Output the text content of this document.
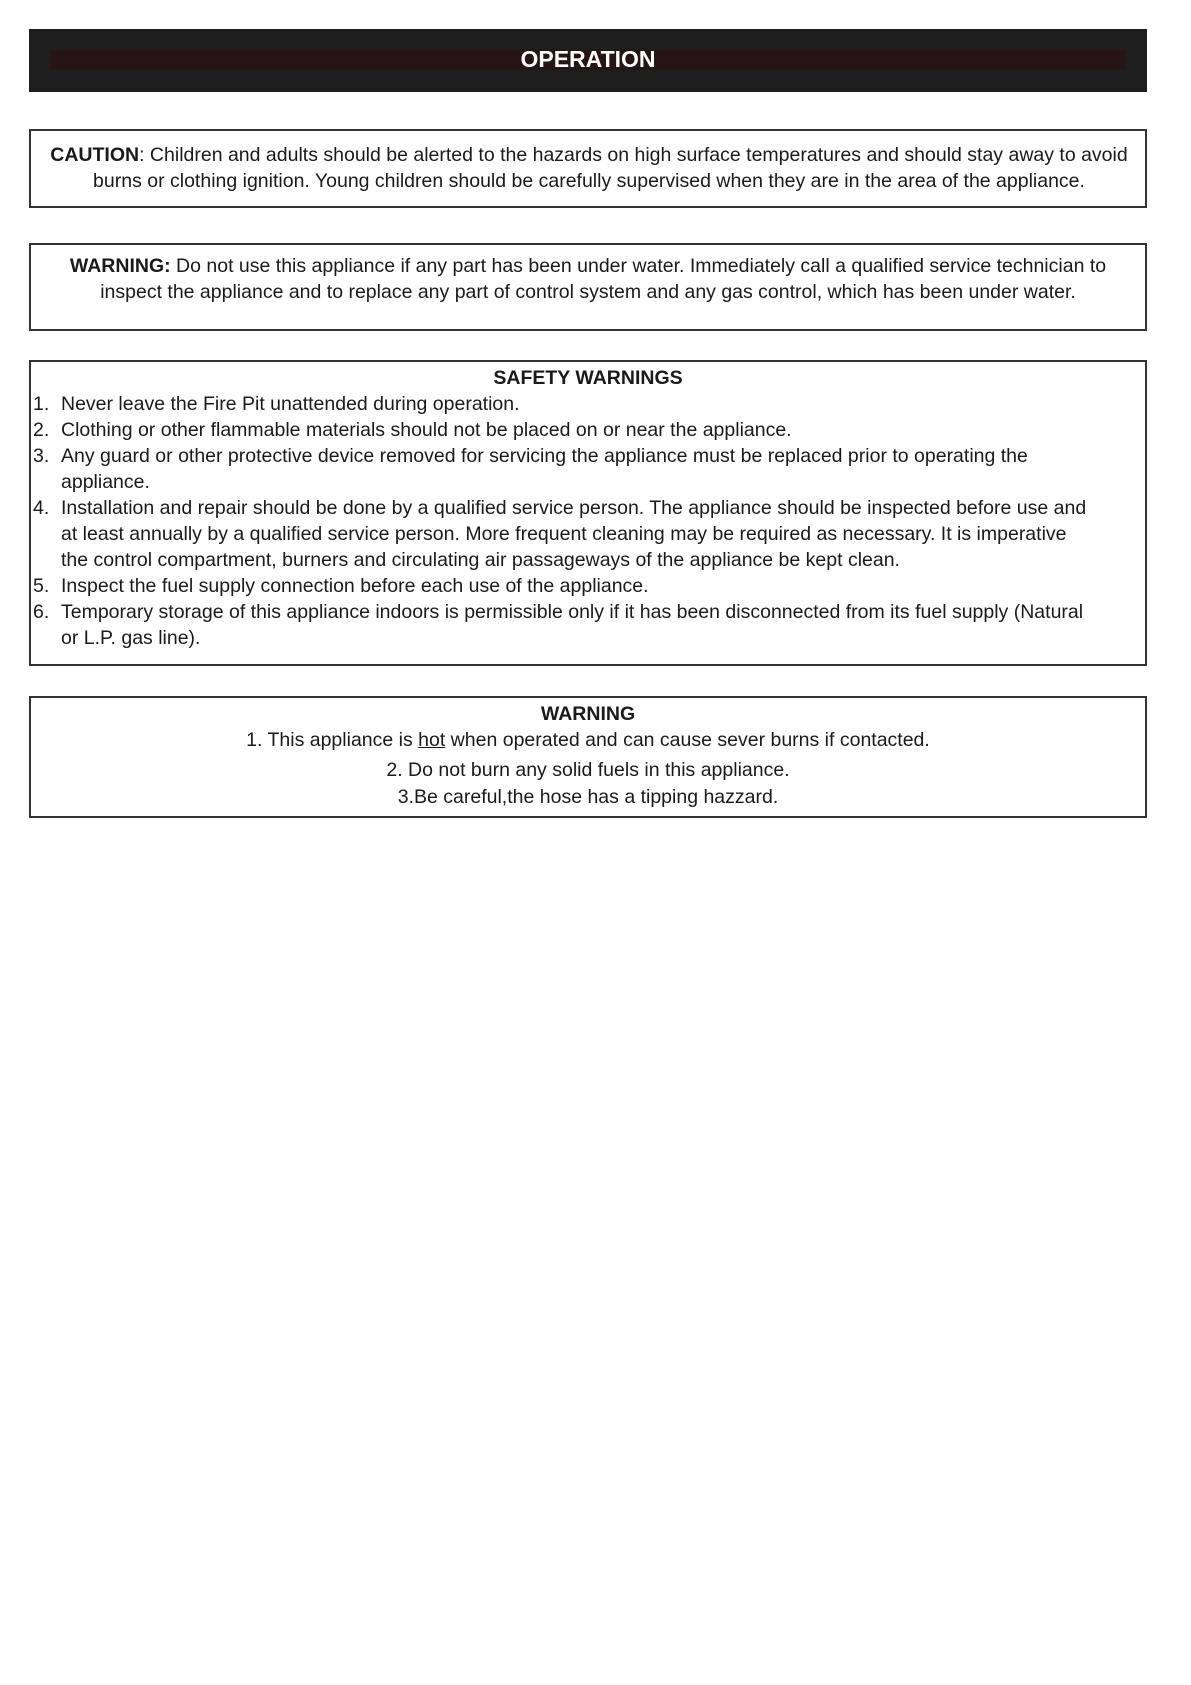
OPERATION
CAUTION: Children and adults should be alerted to the hazards on high surface temperatures and should stay away to avoid burns or clothing ignition. Young children should be carefully supervised when they are in the area of the appliance.
WARNING: Do not use this appliance if any part has been under water. Immediately call a qualified service technician to inspect the appliance and to replace any part of control system and any gas control, which has been under water.
SAFETY WARNINGS
1. Never leave the Fire Pit unattended during operation.
2. Clothing or other flammable materials should not be placed on or near the appliance.
3. Any guard or other protective device removed for servicing the appliance must be replaced prior to operating the appliance.
4. Installation and repair should be done by a qualified service person. The appliance should be inspected before use and at least annually by a qualified service person. More frequent cleaning may be required as necessary. It is imperative the control compartment, burners and circulating air passageways of the appliance be kept clean.
5. Inspect the fuel supply connection before each use of the appliance.
6. Temporary storage of this appliance indoors is permissible only if it has been disconnected from its fuel supply (Natural or L.P. gas line).
WARNING
1. This appliance is hot when operated and can cause sever burns if contacted.
2. Do not burn any solid fuels in this appliance.
3.Be careful,the hose has a tipping hazzard.
